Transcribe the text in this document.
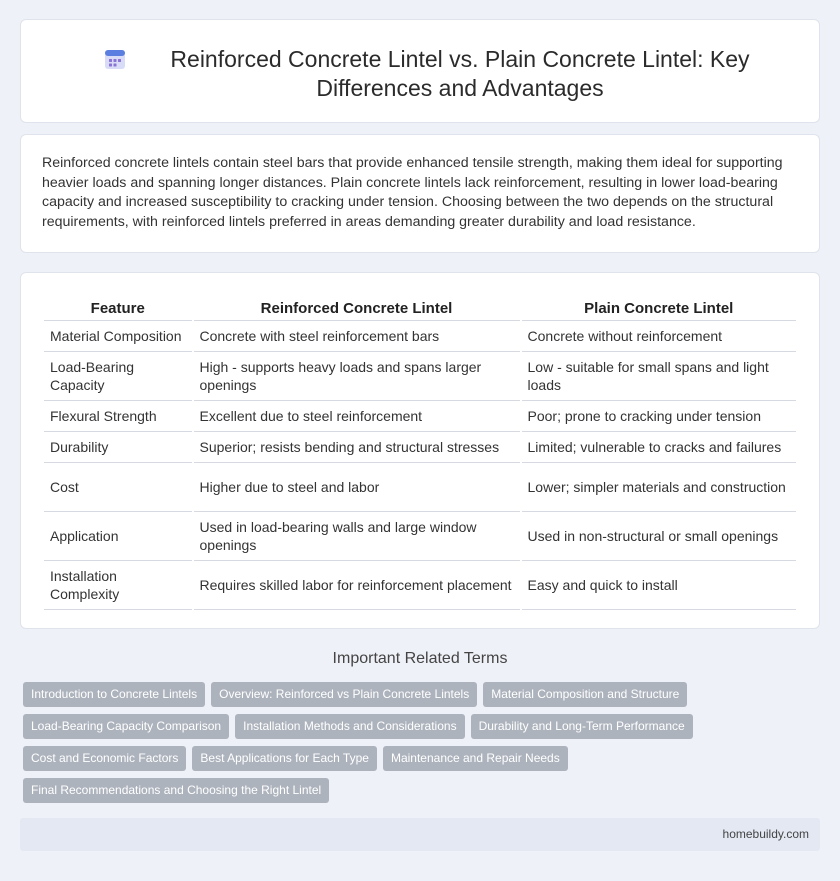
Reinforced Concrete Lintel vs. Plain Concrete Lintel: Key Differences and Advantages

Reinforced concrete lintels contain steel bars that provide enhanced tensile strength, making them ideal for supporting heavier loads and spanning longer distances. Plain concrete lintels lack reinforcement, resulting in lower load-bearing capacity and increased susceptibility to cracking under tension. Choosing between the two depends on the structural requirements, with reinforced lintels preferred in areas demanding greater durability and load resistance.

Feature	Reinforced Concrete Lintel	Plain Concrete Lintel
Material Composition	Concrete with steel reinforcement bars	Concrete without reinforcement
Load-Bearing Capacity	High - supports heavy loads and spans larger openings	Low - suitable for small spans and light loads
Flexural Strength	Excellent due to steel reinforcement	Poor; prone to cracking under tension
Durability	Superior; resists bending and structural stresses	Limited; vulnerable to cracks and failures
Cost	Higher due to steel and labor	Lower; simpler materials and construction
Application	Used in load-bearing walls and large window openings	Used in non-structural or small openings
Installation Complexity	Requires skilled labor for reinforcement placement	Easy and quick to install
Important Related Terms
Introduction to Concrete Lintels	Overview: Reinforced vs Plain Concrete Lintels	Material Composition and Structure
Load-Bearing Capacity Comparison	Installation Methods and Considerations	Durability and Long-Term Performance
Cost and Economic Factors	Best Applications for Each Type	Maintenance and Repair Needs
Final Recommendations and Choosing the Right Lintel
homebuildy.com
